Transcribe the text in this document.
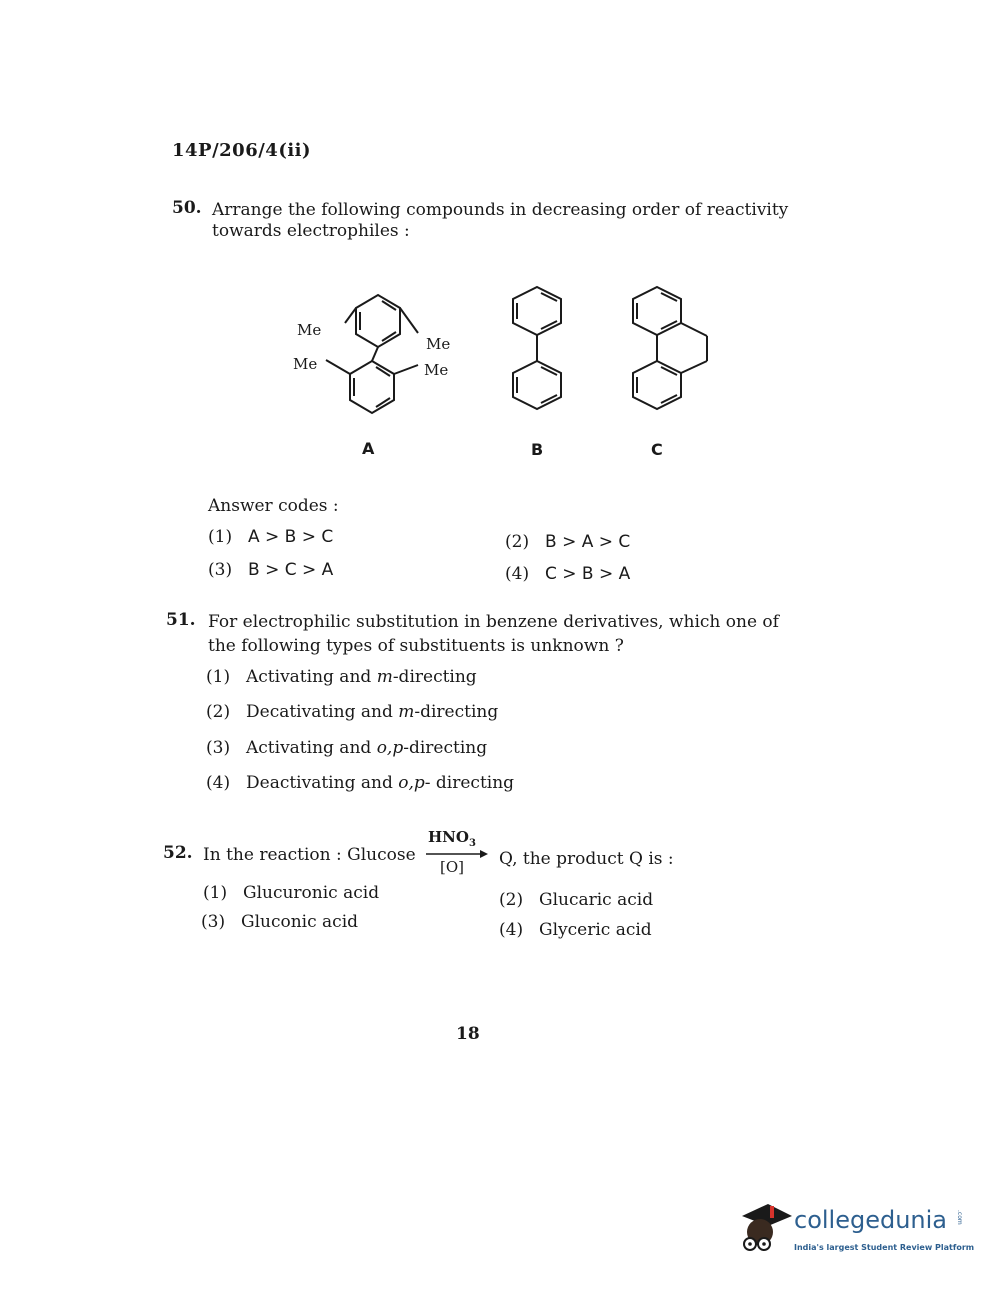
14P/206/4(ii)
50. Arrange the following compounds in decreasing order of reactivity
towards electrophiles :
Me
Me
Me
Me
A	B	C
Answer codes :
(1) A > B > C	(2) B > A > C
(3) B > C > A	(4) C > B > A
51. For electrophilic substitution in benzene derivatives, which one of
the following types of substituents is unknown ?
(1) Activating and m-directing
(2) Decativating and m-directing
(3) Activating and o,p-directing
(4) Deactivating and o,p- directing
52. In the reaction : Glucose
$HNO_3$
[O] Q, the product Q is :
(1) Glucuronic acid	(2) Glucaric acid
(3) Gluconic acid	(4) Glyceric acid
18
collegedunia .com
India's largest Student Review Platform
